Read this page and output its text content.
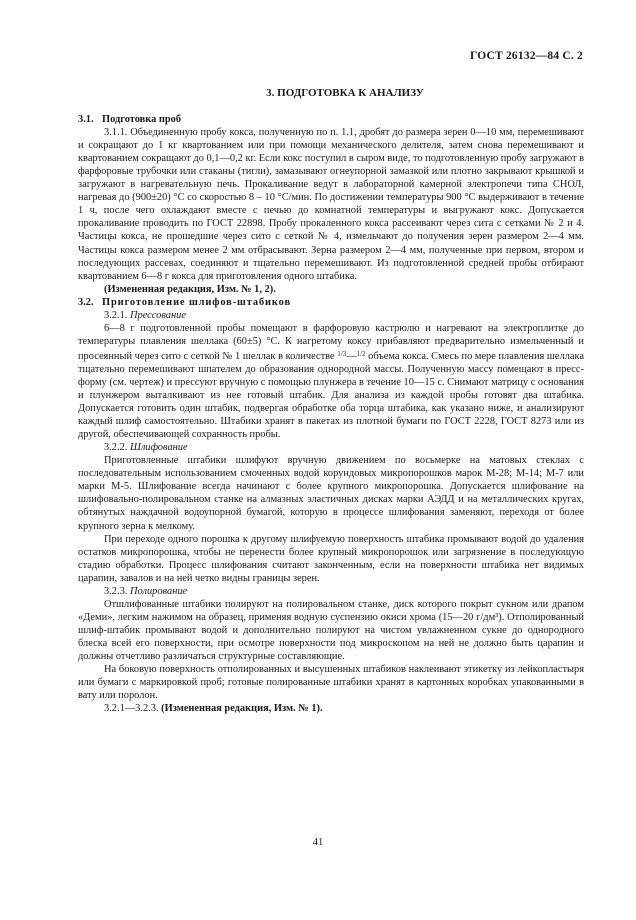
ГОСТ 26132—84 С. 2
3. ПОДГОТОВКА К АНАЛИЗУ

3.1. Подготовка проб

3.1.1. Объединенную пробу кокса, полученную по п. 1.1, дробят до размера зерен 0—10 мм, перемешивают и сокращают до 1 кг квартованием или при помощи механического делителя, затем снова перемешивают и квартованием сокращают до 0,1—0,2 кг. Если кокс поступил в сыром виде, то подготовленную пробу загружают в фарфоровые трубочки или стаканы (тигли), замазывают огнеупорной замазкой или плотно закрывают крышкой и загружают в нагревательную печь. Прокаливание ведут в лабораторной камерной электропечи типа СНОЛ, нагревая до (900±20) °С со скоростью 8 – 10 °С/мин. По достижении температуры 900 °С выдерживают в течение 1 ч, после чего охлаждают вместе с печью до комнатной температуры и выгружают кокс. Допускается прокаливание проводить по ГОСТ 22898. Пробу прокаленного кокса рассеивают через сита с сетками № 2 и 4. Частицы кокса, не прошедшие через сито с сеткой № 4, измельчают до получения зерен размером 2—4 мм. Частицы кокса размером менее 2 мм отбрасывают. Зерна размером 2—4 мм, полученные при первом, втором и последующих рассевах, соединяют и тщательно перемешивают. Из подготовленной средней пробы отбирают квартованием 6—8 г кокса для приготовления одного штабика.

(Измененная редакция, Изм. № 1, 2).

3.2. Приготовление шлифов-штабиков

3.2.1. Прессование

6—8 г подготовленной пробы помещают в фарфоровую кастрюлю и нагревают на электроплитке до температуры плавления шеллака (60±5) °С. К нагретому коксу прибавляют предварительно измельченный и просеянный через сито с сеткой № 1 шеллак в количестве $^{1/3}$—$^{1/2}$ объема кокса. Смесь по мере плавления шеллака тщательно перемешивают шпателем до образования однородной массы. Полученную массу помещают в пресс-форму (см. чертеж) и прессуют вручную с помощью плунжера в течение 10—15 с. Снимают матрицу с основания и плунжером выталкивают из нее готовый штабик. Для анализа из каждой пробы готовят два штабика. Допускается готовить один штабик, подвергая обработке оба торца штабика, как указано ниже, и анализируют каждый шлиф самостоятельно. Штабики хранят в пакетах из плотной бумаги по ГОСТ 2228, ГОСТ 8273 или из другой, обеспечивающей сохранность пробы.

3.2.2. Шлифование

Приготовленные штабики шлифуют вручную движением по восьмерке на матовых стеклах с последовательным использованием смоченных водой корундовых микропорошков марок М-28; М-14; М-7 или марки М-5. Шлифование всегда начинают с более крупного микропорошка. Допускается шлифование на шлифовально-полировальном станке на алмазных эластичных дисках марки АЭДД и на металлических кругах, обтянутых наждачной водоупорной бумагой, которую в процессе шлифования заменяют, переходя от более крупного зерна к мелкому.

При переходе одного порошка к другому шлифуемую поверхность штабика промывают водой до удаления остатков микропорошка, чтобы не перенести более крупный микропорошок или загрязнение в последующую стадию обработки. Процесс шлифования считают законченным, если на поверхности штабика нет видимых царапин, завалов и на ней четко видны границы зерен.

3.2.3. Полирование

Отшлифованные штабики полируют на полировальном станке, диск которого покрыт сукном или драпом «Деми», легким нажимом на образец, применяя водную суспензию окиси хрома (15—20 г/дм³). Отполированный шлиф-штабик промывают водой и дополнительно полируют на чистом увлажненном сукне до однородного блеска всей его поверхности, при осмотре поверхности под микроскопом на ней не должно быть царапин и должны отчетливо различаться структурные составляющие.

На боковую поверхность отполированных и высушенных штабиков наклеивают этикетку из лейкопластыря или бумаги с маркировкой проб; готовые полированные штабики хранят в картонных коробках упакованными в вату или поролон.

3.2.1—3.2.3. (Измененная редакция, Изм. № 1).

41
